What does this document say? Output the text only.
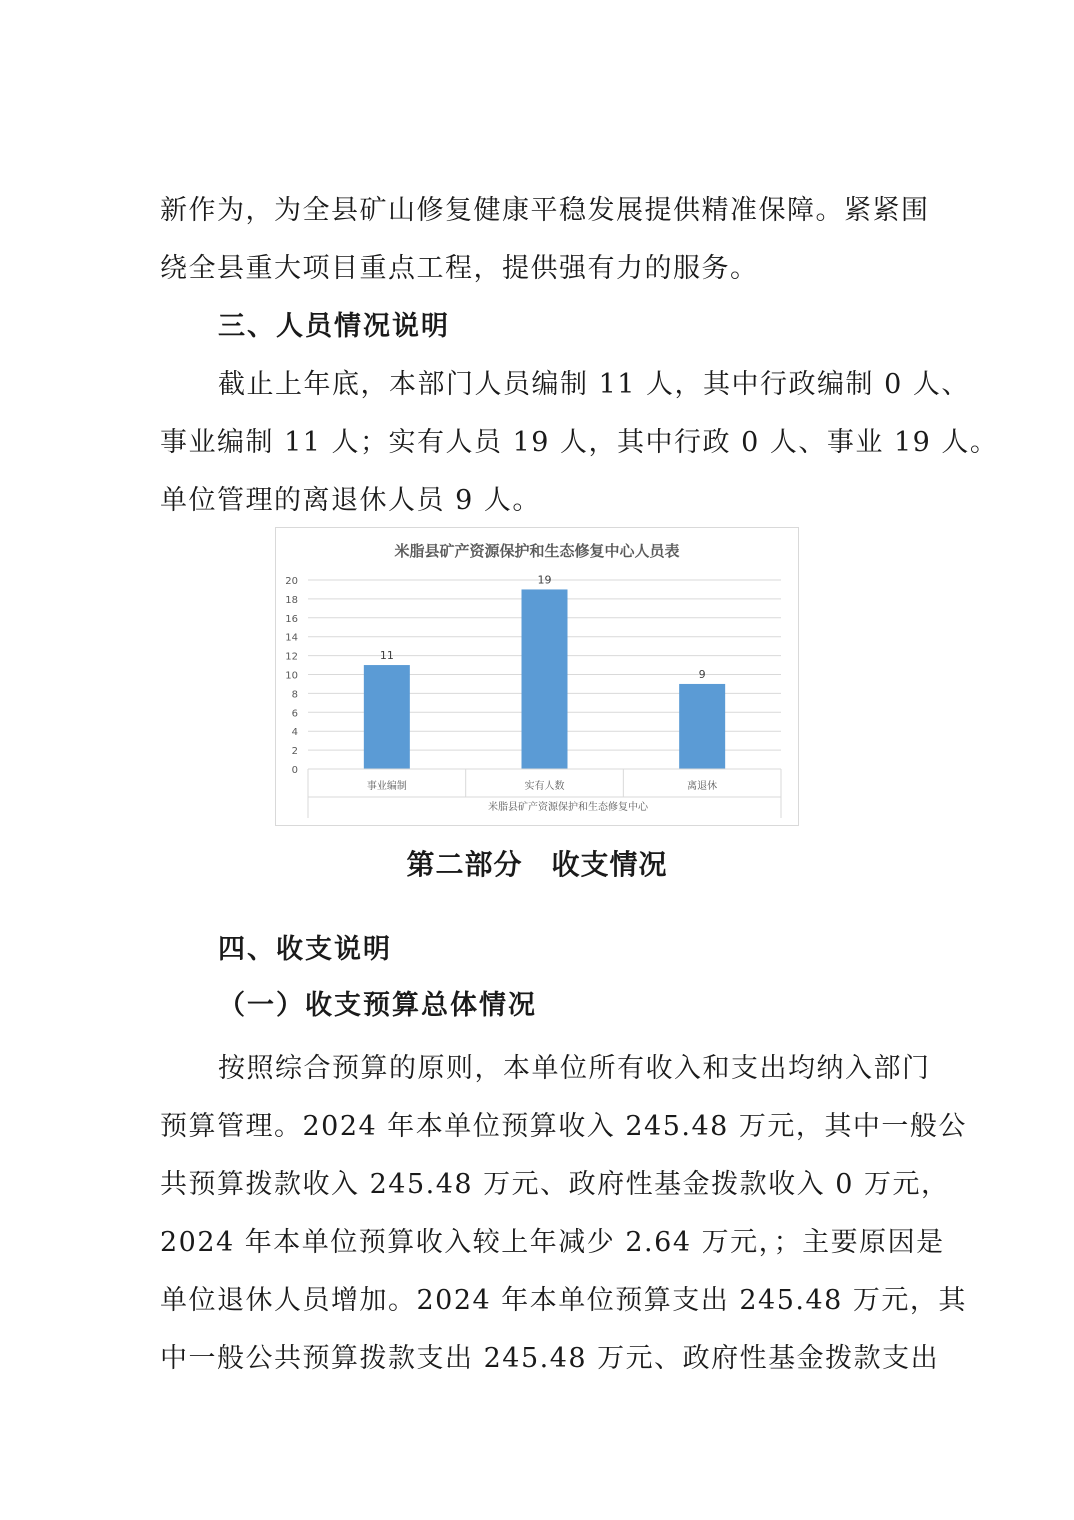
新作为，为全县矿山修复健康平稳发展提供精准保障。紧紧围
绕全县重大项目重点工程，提供强有力的服务。

三、人员情况说明

截止上年底，本部门人员编制 11 人，其中行政编制 0 人、
事业编制 11 人；实有人员 19 人，其中行政 0 人、事业 19 人。
单位管理的离退休人员 9 人。

米脂县矿产资源保护和生态修复中心人员表
0
2
4
6
8
10
12
14
16
18
20
11
19
9
事业编制	实有人数	离退休
米脂县矿产资源保护和生态修复中心
第二部分　收支情况
四、收支说明
（一）收支预算总体情况

按照综合预算的原则，本单位所有收入和支出均纳入部门
预算管理。2024 年本单位预算收入 245.48 万元，其中一般公
共预算拨款收入 245.48 万元、政府性基金拨款收入 0 万元，
2024 年本单位预算收入较上年减少 2.64 万元，；主要原因是
单位退休人员增加。2024 年本单位预算支出 245.48 万元，其
中一般公共预算拨款支出 245.48 万元、政府性基金拨款支出
